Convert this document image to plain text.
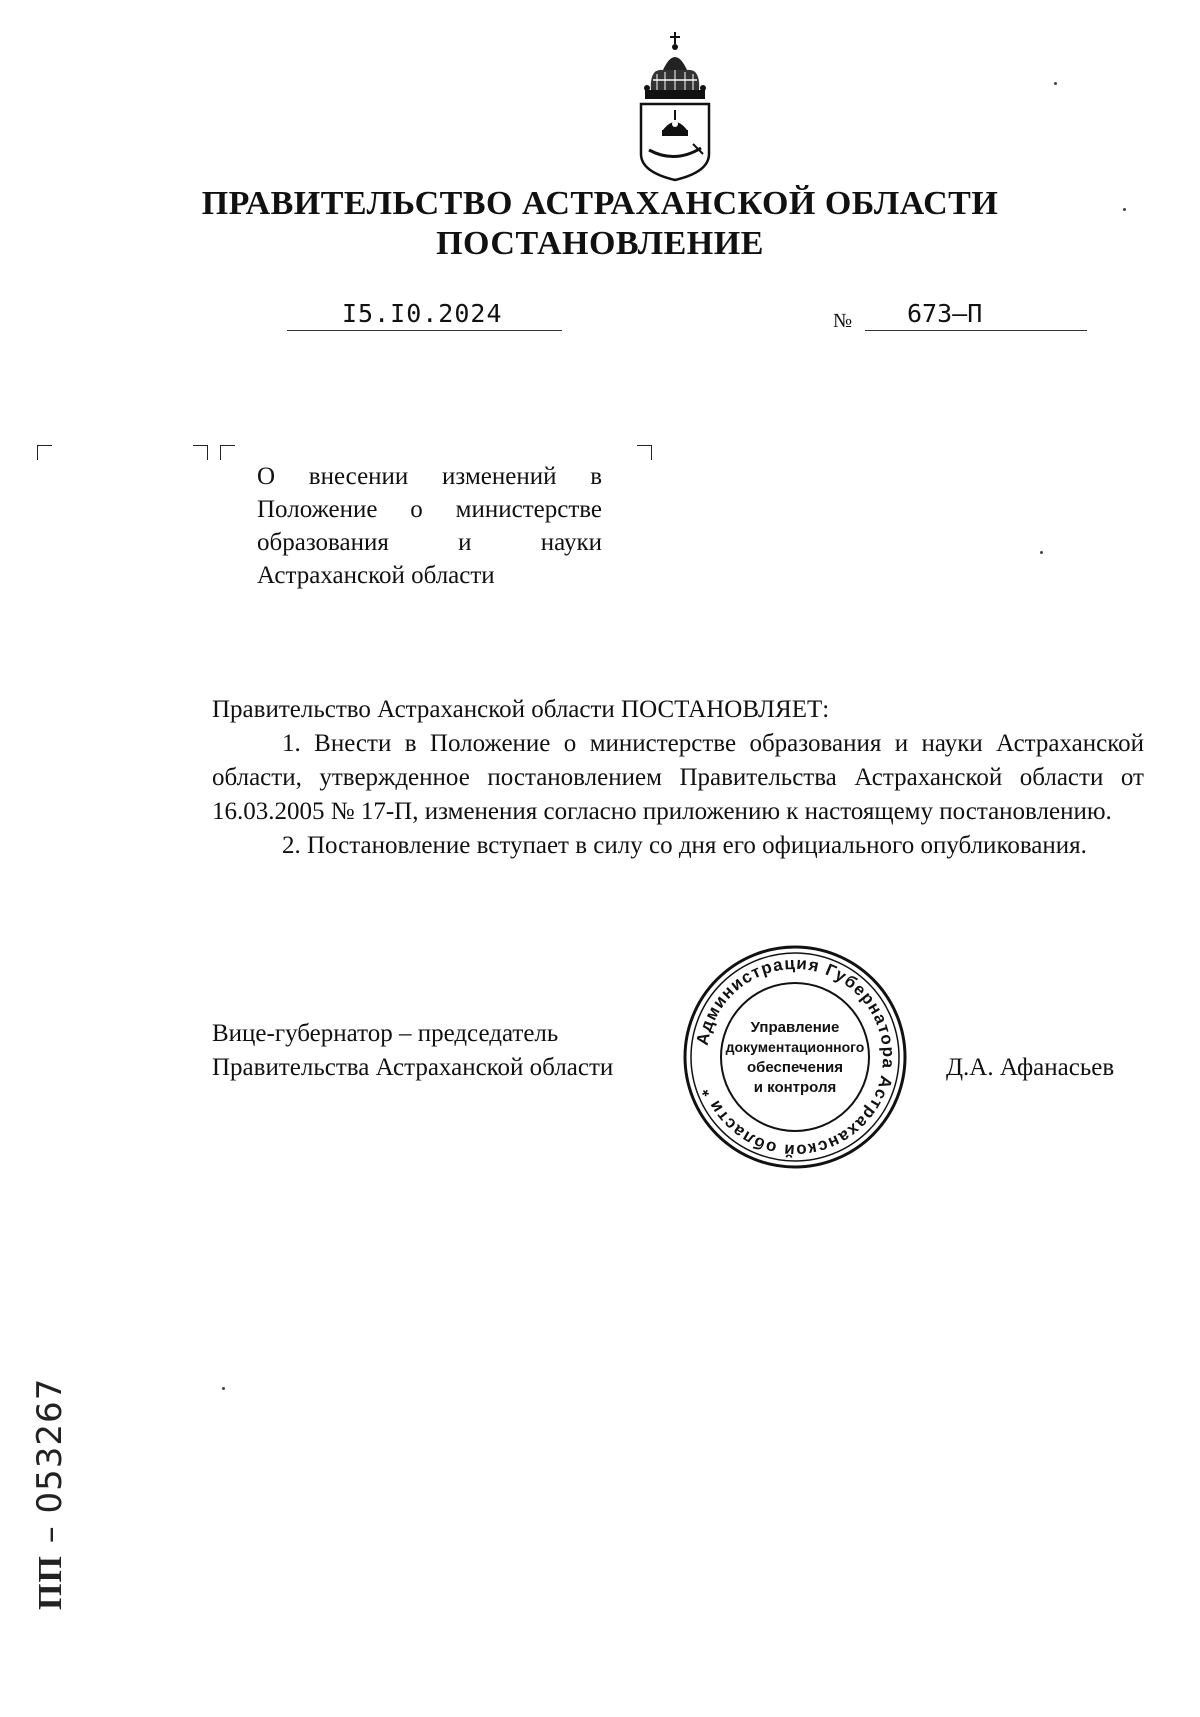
ПРАВИТЕЛЬСТВО АСТРАХАНСКОЙ ОБЛАСТИ
ПОСТАНОВЛЕНИЕ
I5.I0.2024	№	673–П
О внесении изменений в Положение о министерстве образования и науки Астраханской области

Правительство Астраханской области ПОСТАНОВЛЯЕТ:

1. Внести в Положение о министерстве образования и науки Астраханской области, утвержденное постановлением Правительства Астраханской области от 16.03.2005 № 17-П, изменения согласно приложению к настоящему постановлению.

2. Постановление вступает в силу со дня его официального опубликования.

Вице-губернатор – председатель
Правительства Астраханской области	Д.А. Афанасьев
Администрация Губернатора Астраханской области *
Управление
документационного
обеспечения
и контроля
ПП – 053267
